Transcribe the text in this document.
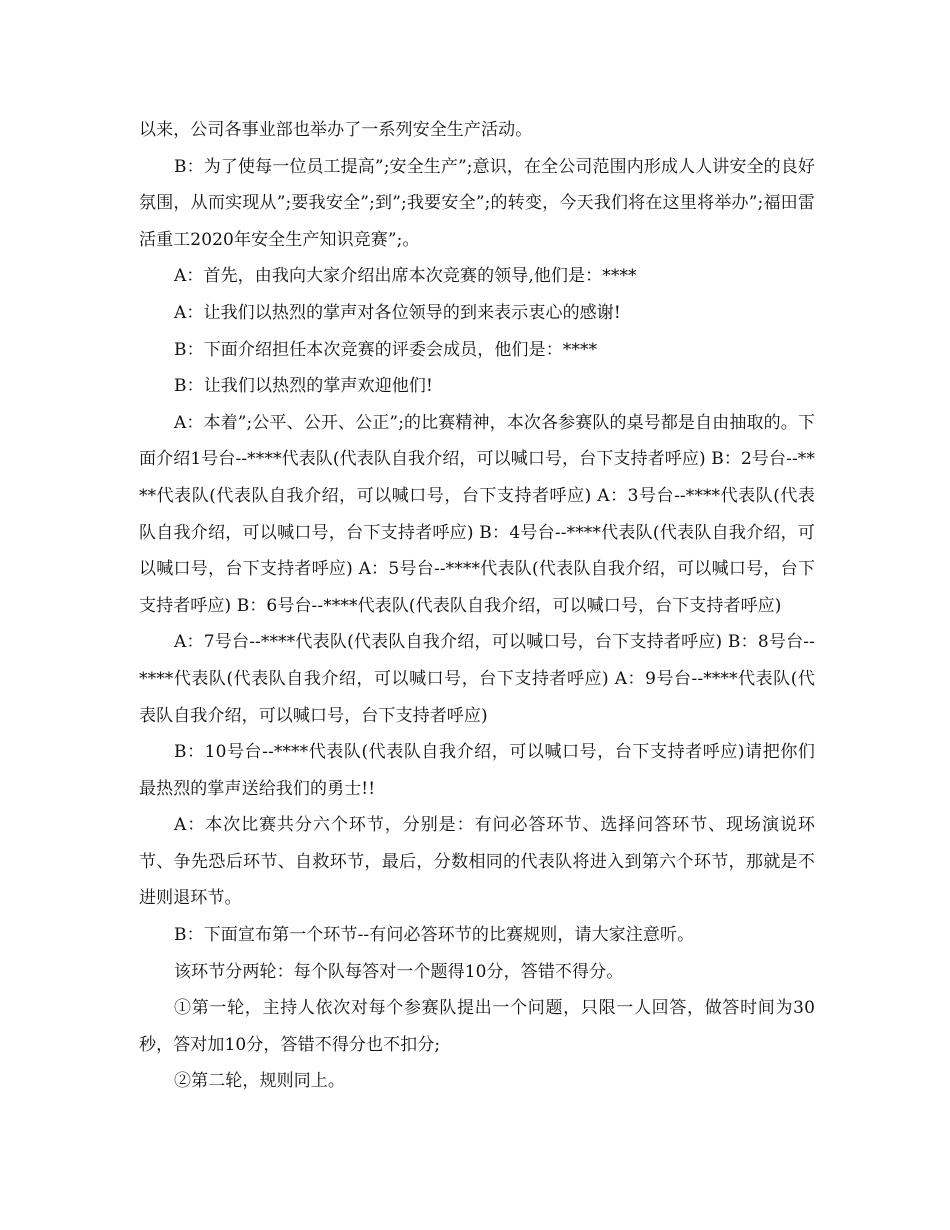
以来，公司各事业部也举办了一系列安全生产活动。

B：为了使每一位员工提高”;安全生产”;意识，在全公司范围内形成人人讲安全的良好氛围，从而实现从”;要我安全”;到”;我要安全”;的转变，今天我们将在这里将举办”;福田雷活重工2020年安全生产知识竞赛”;。

A：首先，由我向大家介绍出席本次竞赛的领导,他们是：****

A：让我们以热烈的掌声对各位领导的到来表示衷心的感谢!

B：下面介绍担任本次竞赛的评委会成员，他们是：****

B：让我们以热烈的掌声欢迎他们!

A：本着”;公平、公开、公正”;的比赛精神，本次各参赛队的桌号都是自由抽取的。下面介绍1号台--****代表队(代表队自我介绍，可以喊口号，台下支持者呼应) B：2号台--****代表队(代表队自我介绍，可以喊口号，台下支持者呼应) A：3号台--****代表队(代表队自我介绍，可以喊口号，台下支持者呼应) B：4号台--****代表队(代表队自我介绍，可以喊口号，台下支持者呼应) A：5号台--****代表队(代表队自我介绍，可以喊口号，台下支持者呼应) B：6号台--****代表队(代表队自我介绍，可以喊口号，台下支持者呼应)

A：7号台--****代表队(代表队自我介绍，可以喊口号，台下支持者呼应) B：8号台--****代表队(代表队自我介绍，可以喊口号，台下支持者呼应) A：9号台--****代表队(代表队自我介绍，可以喊口号，台下支持者呼应)

B：10号台--****代表队(代表队自我介绍，可以喊口号，台下支持者呼应)请把你们最热烈的掌声送给我们的勇士!!

A：本次比赛共分六个环节，分别是：有问必答环节、选择问答环节、现场演说环节、争先恐后环节、自救环节，最后，分数相同的代表队将进入到第六个环节，那就是不进则退环节。

B：下面宣布第一个环节--有问必答环节的比赛规则，请大家注意听。

该环节分两轮：每个队每答对一个题得10分，答错不得分。

①第一轮，主持人依次对每个参赛队提出一个问题，只限一人回答，做答时间为30秒，答对加10分，答错不得分也不扣分;

②第二轮，规则同上。
